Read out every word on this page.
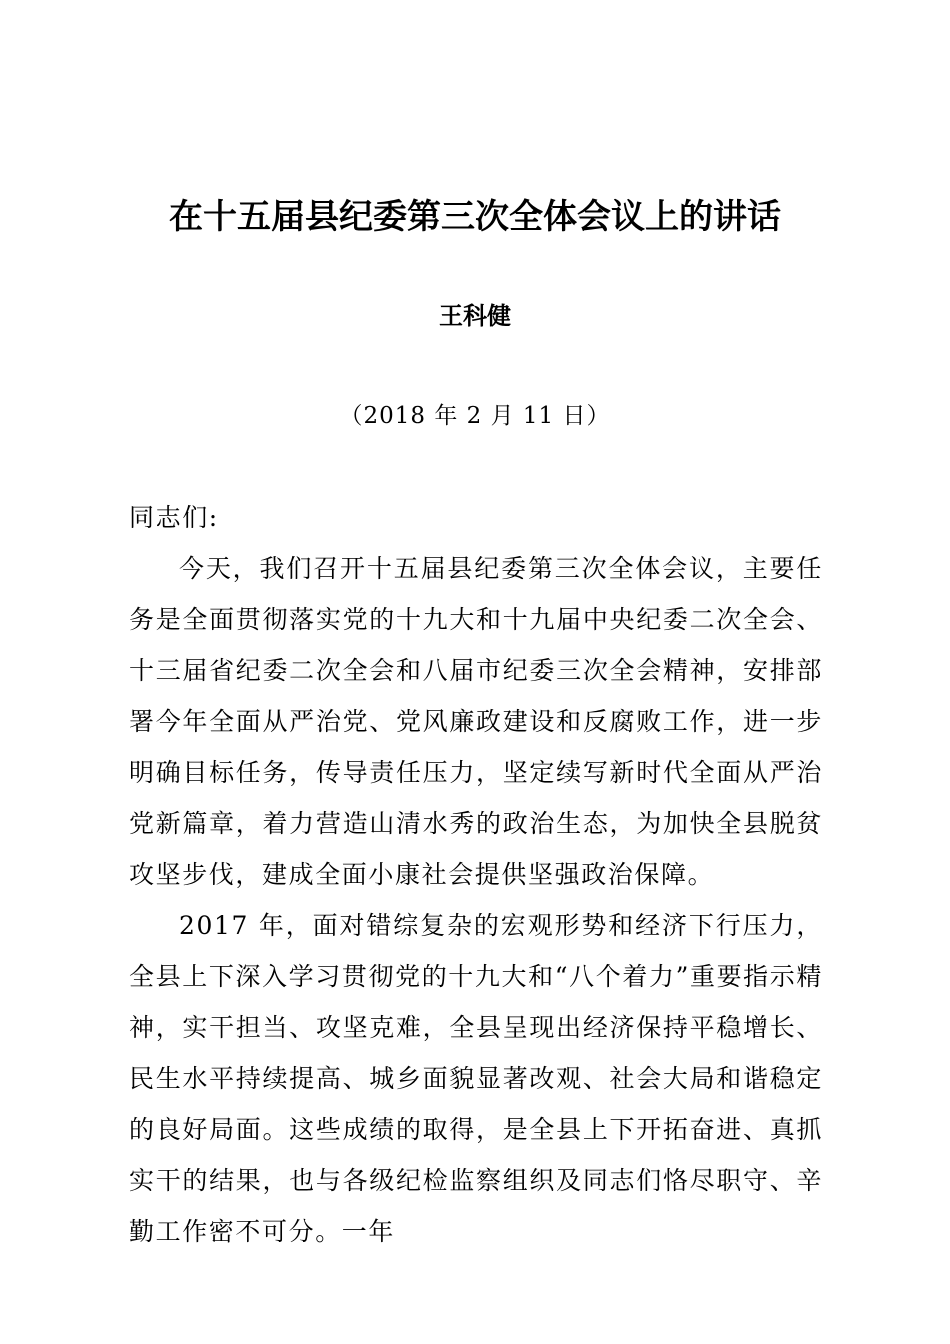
在十五届县纪委第三次全体会议上的讲话
王科健
（2018 年 2 月 11 日）

同志们:

今天，我们召开十五届县纪委第三次全体会议，主要任务是全面贯彻落实党的十九大和十九届中央纪委二次全会、十三届省纪委二次全会和八届市纪委三次全会精神，安排部署今年全面从严治党、党风廉政建设和反腐败工作，进一步明确目标任务，传导责任压力，坚定续写新时代全面从严治党新篇章，着力营造山清水秀的政治生态，为加快全县脱贫攻坚步伐，建成全面小康社会提供坚强政治保障。

2017 年，面对错综复杂的宏观形势和经济下行压力，全县上下深入学习贯彻党的十九大和“八个着力”重要指示精神，实干担当、攻坚克难，全县呈现出经济保持平稳增长、民生水平持续提高、城乡面貌显著改观、社会大局和谐稳定的良好局面。这些成绩的取得，是全县上下开拓奋进、真抓实干的结果，也与各级纪检监察组织及同志们恪尽职守、辛勤工作密不可分。一年
